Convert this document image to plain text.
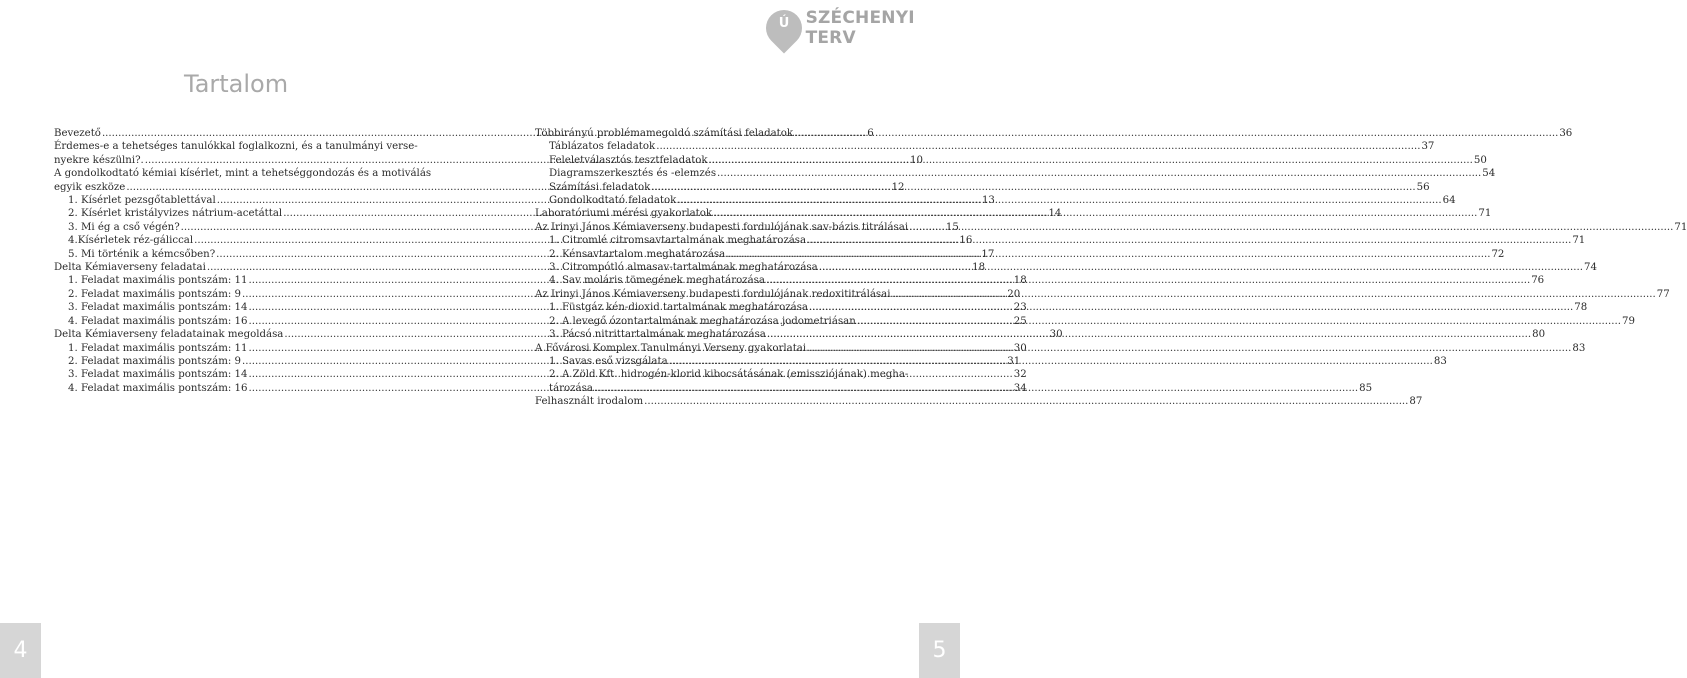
Ú SZÉCHENYI TERV
Tartalom
Bevezető .....	6
Érdemes-e a tehetséges tanulókkal foglalkozni, és a tanulmányi verse-
nyekre készülni?. .....	10
A gondolkodtató kémiai kísérlet, mint a tehetséggondozás és a motiválás
egyik eszköze .....	12
1. Kísérlet pezsgőtablettával .....	13
2. Kísérlet kristályvizes nátrium-acetáttal .....	14
3. Mi ég a cső végén? .....	15
4.Kísérletek réz-gáliccal .....	16
5. Mi történik a kémcsőben? .....	17
Delta Kémiaverseny feladatai .....	18
1. Feladat maximális pontszám: 11 .....	18
2. Feladat maximális pontszám: 9 .....	20
3. Feladat maximális pontszám: 14 .....	23
4. Feladat maximális pontszám: 16 .....	25
Delta Kémiaverseny feladatainak megoldása .....	30
1. Feladat maximális pontszám: 11 .....	30
2. Feladat maximális pontszám: 9 .....	31
3. Feladat maximális pontszám: 14 .....	32
4. Feladat maximális pontszám: 16 .....	34
Többirányú problémamegoldó számítási feladatok .....	36
Táblázatos feladatok .....	37
Feleletválasztós tesztfeladatok .....	50
Diagramszerkesztés és -elemzés .....	54
Számítási feladatok .....	56
Gondolkodtató feladatok .....	64
Laboratóriumi mérési gyakorlatok .....	71
Az Irinyi János Kémiaverseny budapesti fordulójának sav-bázis titrálásai .....	71
1. Citromlé citromsavtartalmának meghatározása .....	71
2. Kénsavtartalom meghatározása .....	72
3. Citrompótló almasav-tartalmának meghatározása .....	74
4. Sav moláris tömegének meghatározása .....	76
Az Irinyi János Kémiaverseny budapesti fordulójának redoxititrálásai .....	77
1. Füstgáz kén-dioxid tartalmának meghatározása .....	78
2. A levegő ózontartalmának meghatározása jodometriásan .....	79
3. Pácsó nitrittartalmának meghatározása .....	80
A Fővárosi Komplex Tanulmányi Verseny gyakorlatai .....	83
1. Savas eső vizsgálata .....	83
2. A Zöld Kft. hidrogén-klorid kibocsátásának (emissziójának) megha-
tározása .....	85
Felhasznált irodalom .....	87
4	5
